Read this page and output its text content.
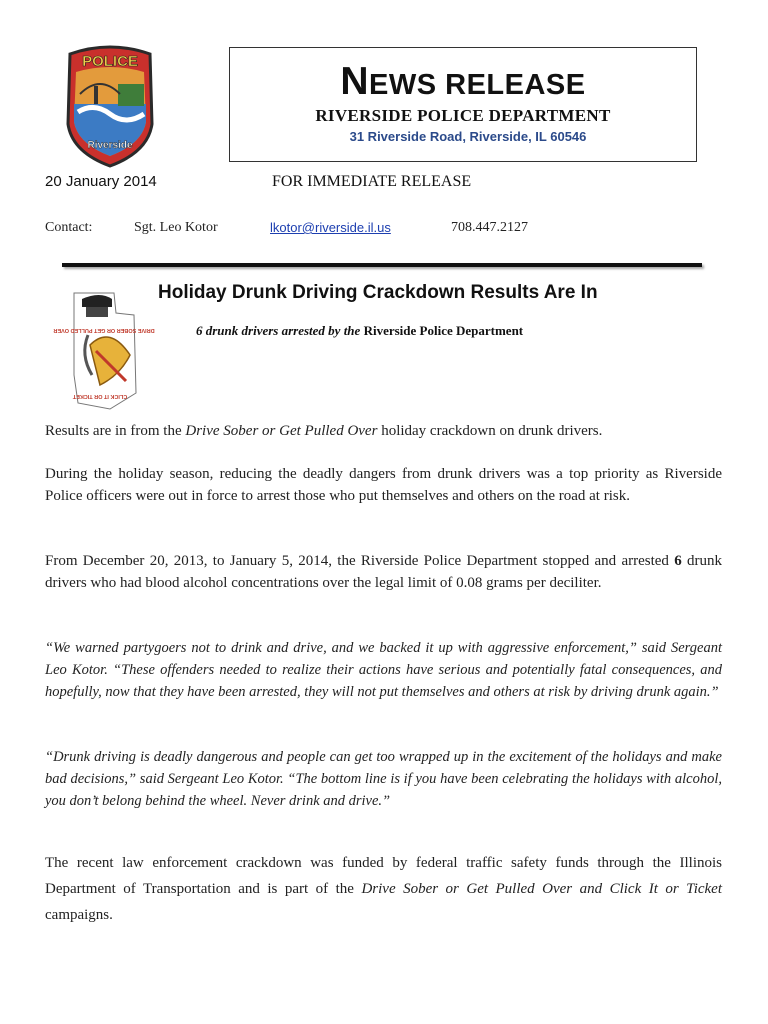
POLICE
Riverside
NEWS RELEASE
RIVERSIDE POLICE DEPARTMENT
31 Riverside Road, Riverside, IL 60546
20 January 2014	FOR IMMEDIATE RELEASE
Contact:	Sgt. Leo Kotor	lkotor@riverside.il.us	708.447.2127
DRIVE SOBER OR GET PULLED OVER
CLICK IT OR TICKET
Holiday Drunk Driving Crackdown Results Are In
6 drunk drivers arrested by the Riverside Police Department

Results are in from the Drive Sober or Get Pulled Over holiday crackdown on drunk drivers.

During the holiday season, reducing the deadly dangers from drunk drivers was a top priority as Riverside Police officers were out in force to arrest those who put themselves and others on the road at risk.

From December 20, 2013, to January 5, 2014, the Riverside Police Department stopped and arrested 6 drunk drivers who had blood alcohol concentrations over the legal limit of 0.08 grams per deciliter.

“We warned partygoers not to drink and drive, and we backed it up with aggressive enforcement,” said Sergeant Leo Kotor. “These offenders needed to realize their actions have serious and potentially fatal consequences, and hopefully, now that they have been arrested, they will not put themselves and others at risk by driving drunk again.”

“Drunk driving is deadly dangerous and people can get too wrapped up in the excitement of the holidays and make bad decisions,” said Sergeant Leo Kotor. “The bottom line is if you have been celebrating the holidays with alcohol, you don’t belong behind the wheel. Never drink and drive.”

The recent law enforcement crackdown was funded by federal traffic safety funds through the Illinois Department of Transportation and is part of the Drive Sober or Get Pulled Over and Click It or Ticket campaigns.
